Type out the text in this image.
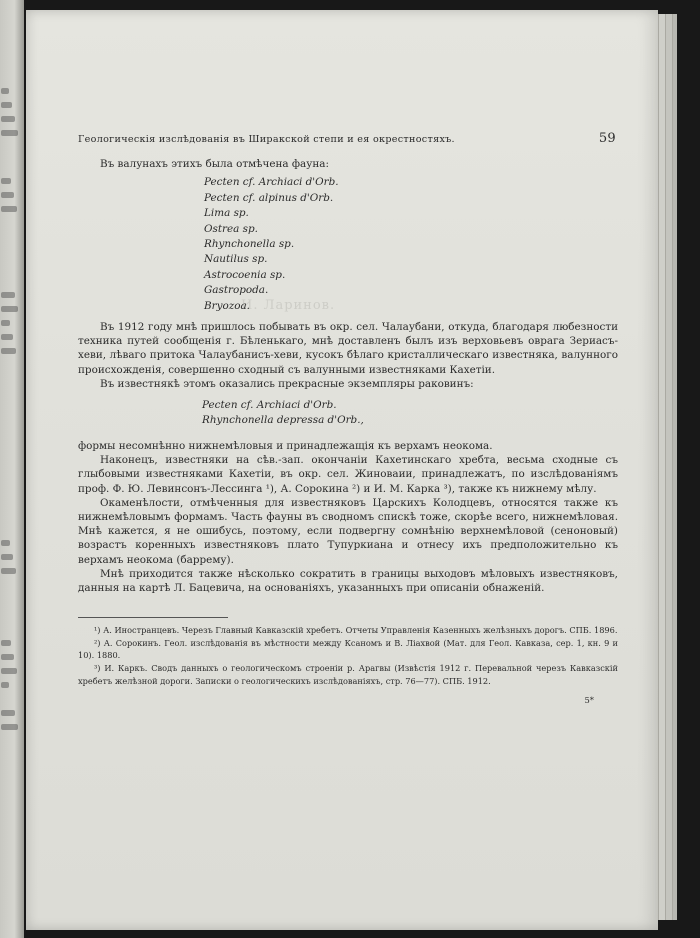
И. Ларинов.
Геологическія изслѣдованія въ Ширакской степи и ея окрестностяхъ.	59

Въ валунахъ этихъ была отмѣчена фауна:

Pecten cf. Archiaci d'Orb.
Pecten cf. alpinus d'Orb.
Lima sp.
Ostrea sp.
Rhynchonella sp.
Nautilus sp.
Astrocoenia sp.
Gastropoda.
Bryozoa.

Въ 1912 году мнѣ пришлось побывать въ окр. сел. Чалаубани, откуда, благодаря любезности техника путей сообщенія г. Бѣленькаго, мнѣ доставленъ былъ изъ верховьевъ оврага Зериасъ-хеви, лѣваго притока Чалаубанисъ-хеви, кусокъ бѣлаго кристаллическаго известняка, валунного происхожденія, совершенно сходный съ валунными известняками Кахетіи.

Въ известнякѣ этомъ оказались прекрасные экземпляры раковинъ:

Pecten cf. Archiaci d'Orb.
Rhynchonella depressa d'Orb.,

формы несомнѣнно нижнемѣловыя и принадлежащія къ верхамъ неокома.

Наконецъ, известняки на сѣв.-зап. окончаніи Кахетинскаго хребта, весьма сходные съ глыбовыми известняками Кахетіи, въ окр. сел. Жиноваии, принадлежатъ, по изслѣдованіямъ проф. Ф. Ю. Левинсонъ-Лессинга ¹), А. Сорокина ²) и И. М. Карка ³), также къ нижнему мѣлу.

Окаменѣлости, отмѣченныя для известняковъ Царскихъ Колодцевъ, относятся также къ нижнемѣловымъ формамъ. Часть фауны въ сводномъ спискѣ тоже, скорѣе всего, нижнемѣловая. Мнѣ кажется, я не ошибусь, поэтому, если подвергну сомнѣнію верхнемѣловой (сеноновый) возрастъ коренныхъ известняковъ плато Тупуркиана и отнесу ихъ предположительно къ верхамъ неокома (баррему).

Мнѣ приходится также нѣсколько сократить в границы выходовъ мѣловыхъ известняковъ, данныя на картѣ Л. Бацевича, на основаніяхъ, указанныхъ при описаніи обнаженій.

¹) А. Иностранцевъ. Черезъ Главный Кавказскій хребетъ. Отчеты Управленія Казенныхъ желѣзныхъ дорогъ. СПБ. 1896.

²) А. Сорокинъ. Геол. изслѣдованія въ мѣстности между Ксаномъ и В. Ліахвой (Мат. для Геол. Кавказа, сер. 1, кн. 9 и 10). 1880.

³) И. Каркъ. Сводъ данныхъ о геологическомъ строеніи р. Арагвы (Извѣстія 1912 г. Перевальной черезъ Кавказскій хребетъ желѣзной дороги. Записки о геологическихъ изслѣдованіяхъ, стр. 76—77). СПБ. 1912.

5*
